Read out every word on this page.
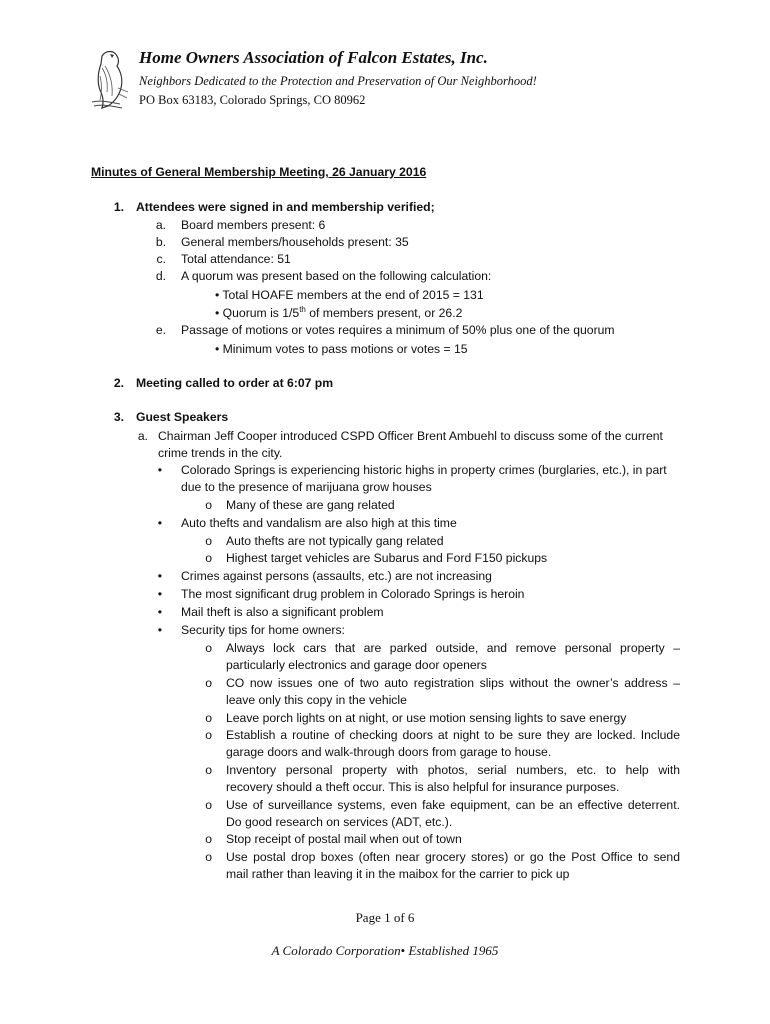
Home Owners Association of Falcon Estates, Inc.
Neighbors Dedicated to the Protection and Preservation of Our Neighborhood!
PO Box 63183, Colorado Springs, CO 80962
Minutes of General Membership Meeting, 26 January 2016
1. Attendees were signed in and membership verified;
a. Board members present: 6
b. General members/households present: 35
c. Total attendance: 51
d. A quorum was present based on the following calculation:
• Total HOAFE members at the end of 2015 = 131
• Quorum is 1/5th of members present, or 26.2
e. Passage of motions or votes requires a minimum of 50% plus one of the quorum
• Minimum votes to pass motions or votes = 15
2. Meeting called to order at 6:07 pm
3. Guest Speakers
a. Chairman Jeff Cooper introduced CSPD Officer Brent Ambuehl to discuss some of the current
crime trends in the city.
• Colorado Springs is experiencing historic highs in property crimes (burglaries, etc.), in part
due to the presence of marijuana grow houses
o Many of these are gang related
• Auto thefts and vandalism are also high at this time
o Auto thefts are not typically gang related
o Highest target vehicles are Subarus and Ford F150 pickups
• Crimes against persons (assaults, etc.) are not increasing
• The most significant drug problem in Colorado Springs is heroin
• Mail theft is also a significant problem
• Security tips for home owners:
o Always lock cars that are parked outside, and remove personal property –
particularly electronics and garage door openers
o CO now issues one of two auto registration slips without the owner’s address –
leave only this copy in the vehicle
o Leave porch lights on at night, or use motion sensing lights to save energy
o Establish a routine of checking doors at night to be sure they are locked. Include
garage doors and walk-through doors from garage to house.
o Inventory personal property with photos, serial numbers, etc. to help with
recovery should a theft occur. This is also helpful for insurance purposes.
o Use of surveillance systems, even fake equipment, can be an effective deterrent.
Do good research on services (ADT, etc.).
o Stop receipt of postal mail when out of town
o Use postal drop boxes (often near grocery stores) or go the Post Office to send
mail rather than leaving it in the maibox for the carrier to pick up
Page 1 of 6
A Colorado Corporation• Established 1965
